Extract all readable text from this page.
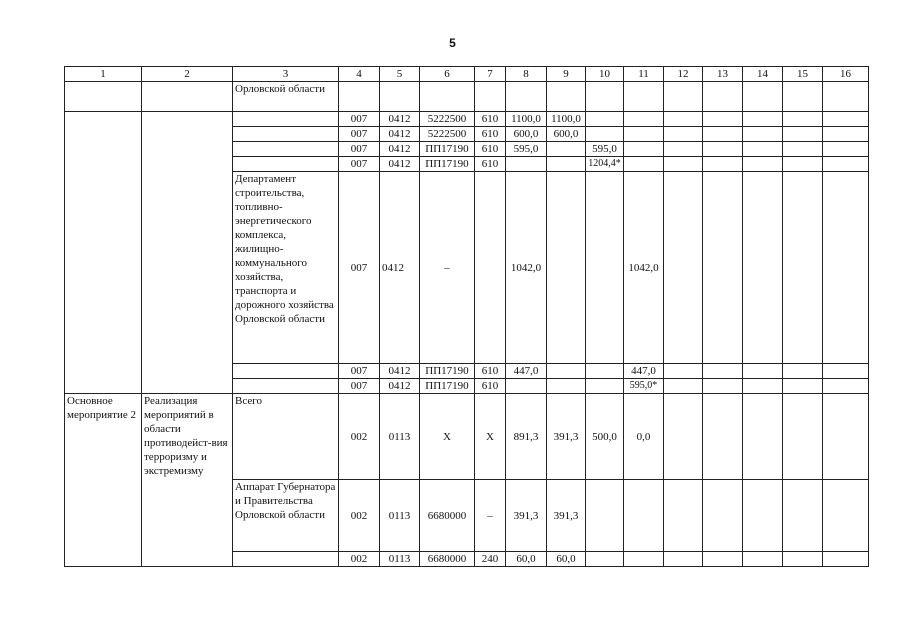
5
1	2	3	4	5	6	7	8	9	10	11	12	13	14	15	16
		Орловской области													
			007	0412	5222500	610	1100,0	1100,0							
			007	0412	5222500	610	600,0	600,0							
			007	0412	ПП17190	610	595,0		595,0						
			007	0412	ПП17190	610			1204,4*						
		Департамент строительства, топливно-энергетического комплекса, жилищно-коммунального хозяйства, транспорта и дорожного хозяйства Орловской области	007	0412	–		1042,0			1042,0					
			007	0412	ПП17190	610	447,0			447,0					
			007	0412	ПП17190	610				595,0*					
Основное мероприятие 2	Реализация мероприятий в области противодейст-вия терроризму и экстремизму	Всего	002	0113	Х	Х	891,3	391,3	500,0	0,0					
		Аппарат Губернатора и Правительства Орловской области	002	0113	6680000	–	391,3	391,3							
			002	0113	6680000	240	60,0	60,0							
